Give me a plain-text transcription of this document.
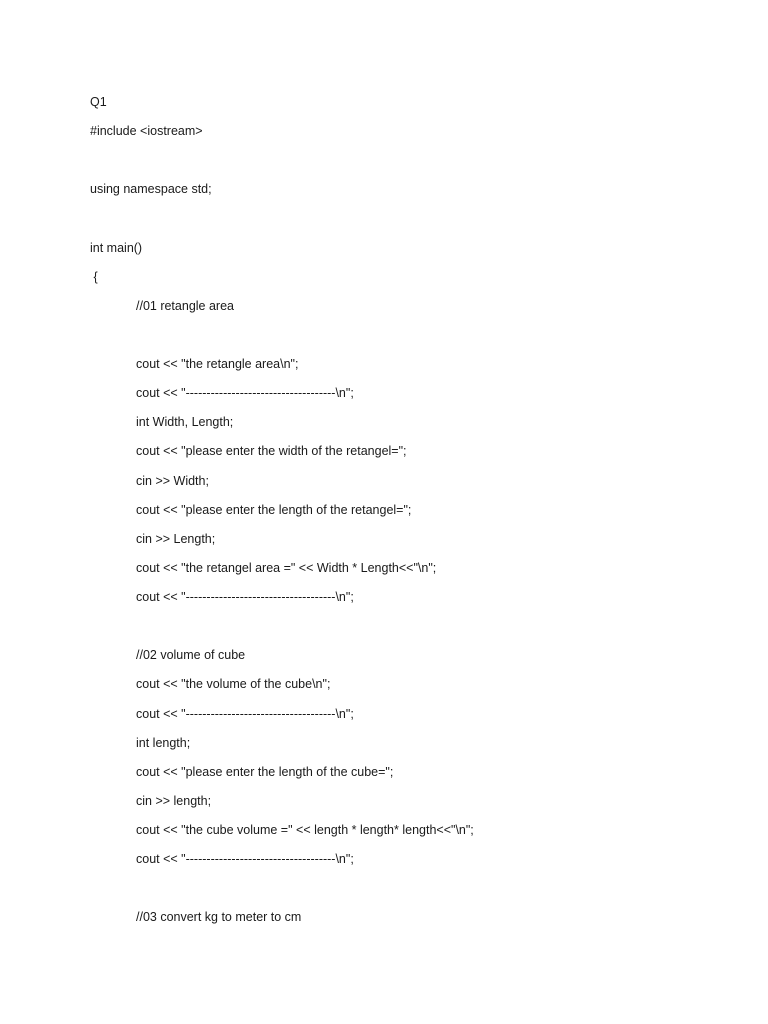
Q1
#include <iostream>
using namespace std;
int main()
{
//01 retangle area
cout << "the retangle area\n";
cout << "------------------------------------\n";
int Width, Length;
cout << "please enter the width of the retangel=";
cin >> Width;
cout << "please enter the length of the retangel=";
cin >> Length;
cout << "the retangel area =" << Width * Length<<"\n";
cout << "------------------------------------\n";
//02 volume of cube
cout << "the volume of the cube\n";
cout << "------------------------------------\n";
int length;
cout << "please enter the length of the cube=";
cin >> length;
cout << "the cube volume =" << length * length* length<<"\n";
cout << "------------------------------------\n";
//03 convert kg to meter to cm
